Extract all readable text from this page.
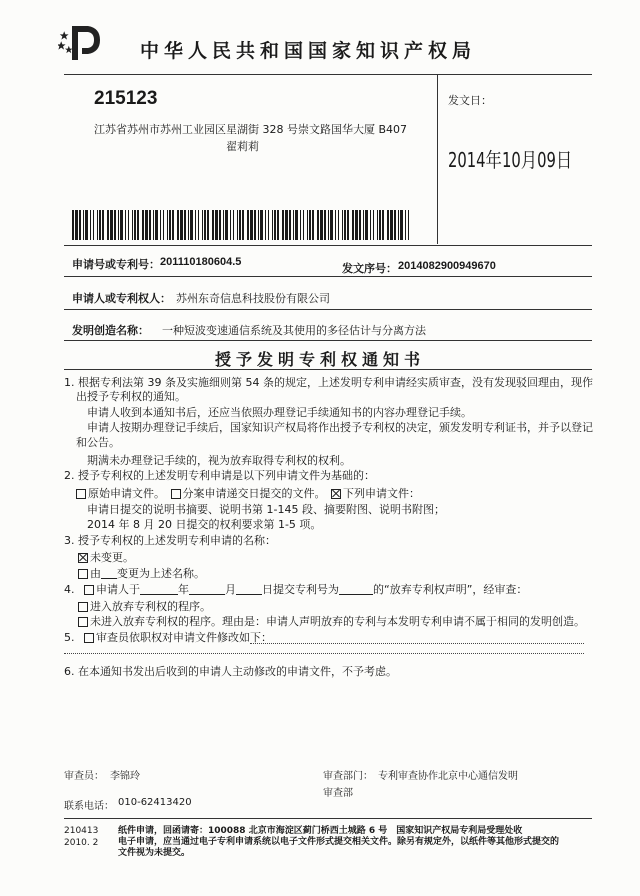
中华人民共和国国家知识产权局
215123
江苏省苏州市苏州工业园区星湖街 328 号崇文路国华大厦 B407
翟莉莉
发文日：
2014年10月09日
申请号或专利号： 201110180604.5	发文序号： 2014082900949670
申请人或专利权人： 苏州东奇信息科技股份有限公司
发明创造名称： 一种短波变速通信系统及其使用的多径估计与分离方法
授予发明专利权通知书
1. 根据专利法第 39 条及实施细则第 54 条的规定，上述发明专利申请经实质审查，没有发现驳回理由，现作
出授予专利权的通知。
申请人收到本通知书后，还应当依照办理登记手续通知书的内容办理登记手续。
申请人按期办理登记手续后，国家知识产权局将作出授予专利权的决定，颁发发明专利证书，并予以登记
和公告。
期满未办理登记手续的，视为放弃取得专利权的权利。
2. 授予专利权的上述发明专利申请是以下列申请文件为基础的：
原始申请文件。 分案申请递交日提交的文件。 下列申请文件：
申请日提交的说明书摘要、说明书第 1-145 段、摘要附图、说明书附图；
2014 年 8 月 20 日提交的权利要求第 1-5 项。
3. 授予专利权的上述发明专利申请的名称：
未变更。
由 变更为上述名称。
4. 申请人于	年	月 日提交专利号为	的“放弃专利权声明”，经审查：
进入放弃专利权的程序。
未进入放弃专利权的程序。理由是：申请人声明放弃的专利与本发明专利申请不属于相同的发明创造。
5. 审查员依职权对申请文件修改如下：
6. 在本通知书发出后收到的申请人主动修改的申请文件，不予考虑。
审查员： 李锦玲	审查部门： 专利审查协作北京中心通信发明
审查部
联系电话： 010-62413420
210413
2010. 2
纸件申请，回函请寄：100088 北京市海淀区蓟门桥西土城路 6 号　国家知识产权局专利局受理处收
电子申请，应当通过电子专利申请系统以电子文件形式提交相关文件。除另有规定外，以纸件等其他形式提交的
文件视为未提交。
